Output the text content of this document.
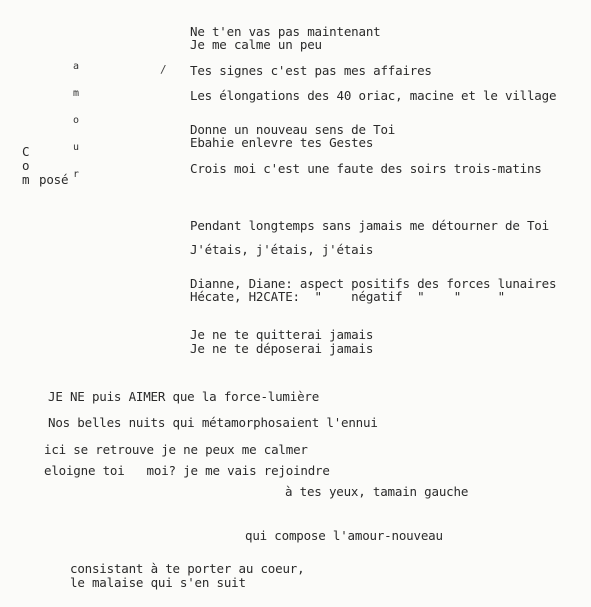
a

m

o

u

r

/
C
o
m posé
Ne t'en vas pas maintenant
Je me calme un peu
Tes signes c'est pas mes affaires
Les élongations des 40 oriac, macine et le village
Donne un nouveau sens de Toi
Ebahie enlevre tes Gestes
Crois moi c'est une faute des soirs trois-matins
Pendant longtemps sans jamais me détourner de Toi
J'étais, j'étais, j'étais
Dianne, Diane: aspect positifs des forces lunaires
Hécate, H2CATE:  "    négatif  "    "     "
Je ne te quitterai jamais
Je ne te déposerai jamais
JE NE puis AIMER que la force-lumière
Nos belles nuits qui métamorphosaient l'ennui
ici se retrouve je ne peux me calmer
eloigne toi   moi? je me vais rejoindre
à tes yeux, tamain gauche
qui compose l'amour-nouveau
consistant à te porter au coeur,
le malaise qui s'en suit
